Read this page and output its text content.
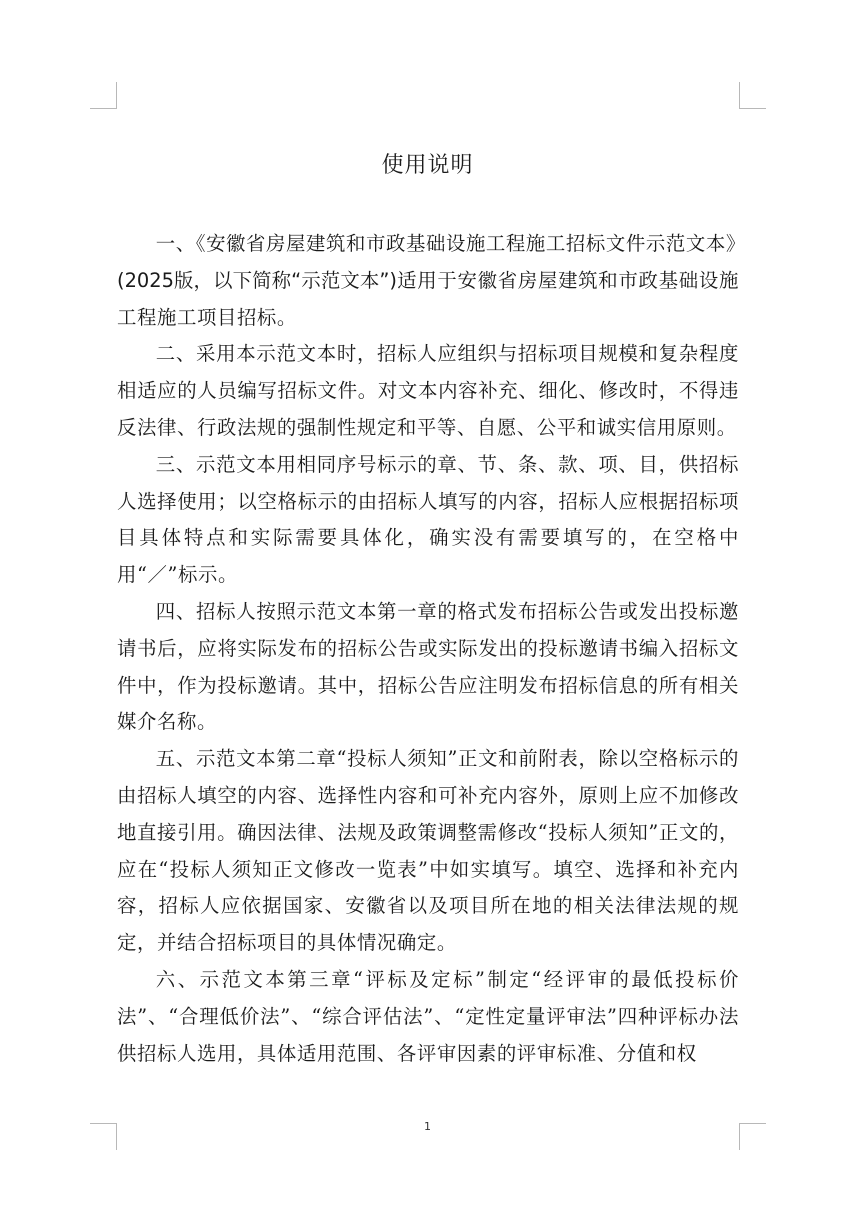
使用说明

一、《安徽省房屋建筑和市政基础设施工程施工招标文件示范文本》(2025版，以下简称“示范文本”)适用于安徽省房屋建筑和市政基础设施工程施工项目招标。

二、采用本示范文本时，招标人应组织与招标项目规模和复杂程度相适应的人员编写招标文件。对文本内容补充、细化、修改时，不得违反法律、行政法规的强制性规定和平等、自愿、公平和诚实信用原则。

三、示范文本用相同序号标示的章、节、条、款、项、目，供招标人选择使用；以空格标示的由招标人填写的内容，招标人应根据招标项目具体特点和实际需要具体化，确实没有需要填写的，在空格中用“／”标示。

四、招标人按照示范文本第一章的格式发布招标公告或发出投标邀请书后，应将实际发布的招标公告或实际发出的投标邀请书编入招标文件中，作为投标邀请。其中，招标公告应注明发布招标信息的所有相关媒介名称。

五、示范文本第二章“投标人须知”正文和前附表，除以空格标示的由招标人填空的内容、选择性内容和可补充内容外，原则上应不加修改地直接引用。确因法律、法规及政策调整需修改“投标人须知”正文的，应在“投标人须知正文修改一览表”中如实填写。填空、选择和补充内容，招标人应依据国家、安徽省以及项目所在地的相关法律法规的规定，并结合招标项目的具体情况确定。

六、示范文本第三章“评标及定标”制定“经评审的最低投标价法”、“合理低价法”、“综合评估法”、“定性定量评审法”四种评标办法供招标人选用，具体适用范围、各评审因素的评审标准、分值和权

1
